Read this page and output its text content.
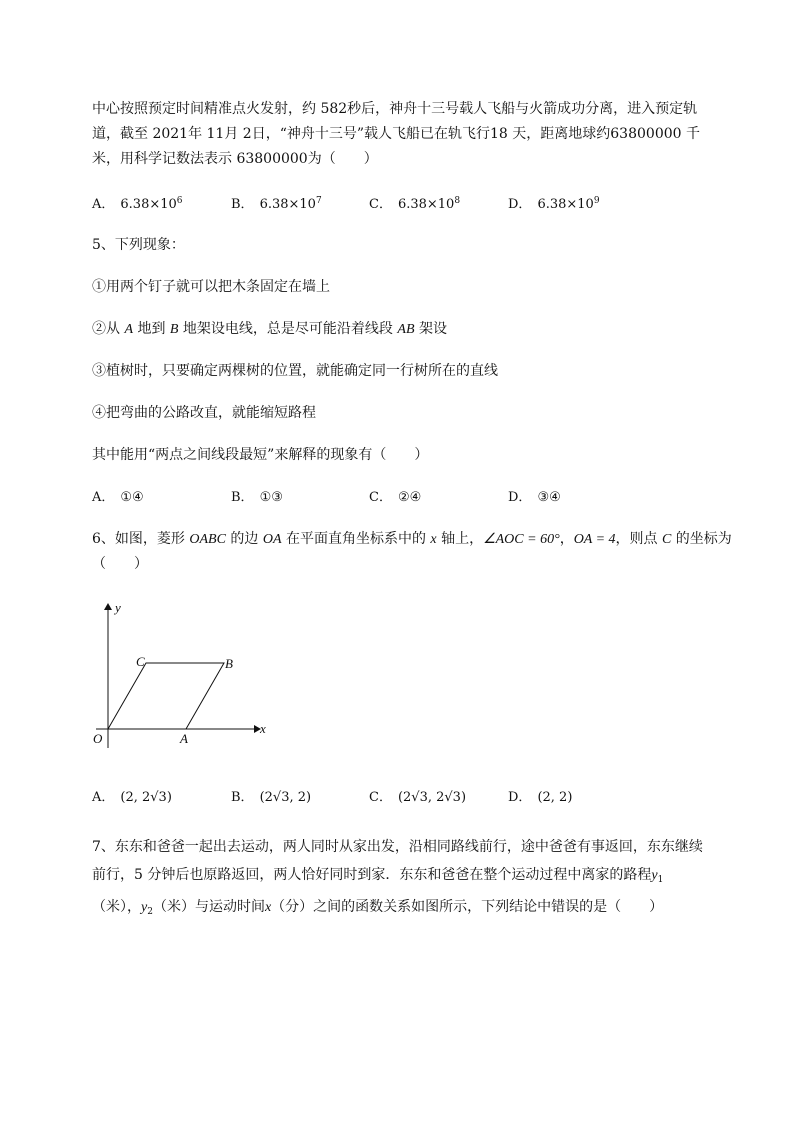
中心按照预定时间精准点火发射，约 582秒后，神舟十三号载人飞船与火箭成功分离，进入预定轨
道，截至 2021年 11月 2日，“神舟十三号”载人飞船已在轨飞行18 天，距离地球约63800000 千
米，用科学记数法表示 63800000为（　　）
A． $6.38\times 10^6$	B． $6.38\times 10^7$	C． $6.38\times 10^8$	D． $6.38\times 10^9$
5、下列现象：
①用两个钉子就可以把木条固定在墙上
②从 A 地到 B 地架设电线，总是尽可能沿着线段 AB 架设
③植树时，只要确定两棵树的位置，就能确定同一行树所在的直线
④把弯曲的公路改直，就能缩短路程
其中能用“两点之间线段最短”来解释的现象有（　　）
A． ①④	B． ①③	C． ②④	D． ③④
6、如图，菱形 OABC 的边 OA 在平面直角坐标系中的 x 轴上，∠AOC = 60°，OA = 4，则点 C 的坐标为
（　　）
y
x
O	A
B
C
A． (2, 2√3)	B． (2√3, 2)	C． (2√3, 2√3)	D． (2, 2)
7、东东和爸爸一起出去运动，两人同时从家出发，沿相同路线前行，途中爸爸有事返回，东东继续
前行，5 分钟后也原路返回，两人恰好同时到家．东东和爸爸在整个运动过程中离家的路程$y_1$
（米），$y_2$（米）与运动时间x（分）之间的函数关系如图所示，下列结论中错误的是（　　）
